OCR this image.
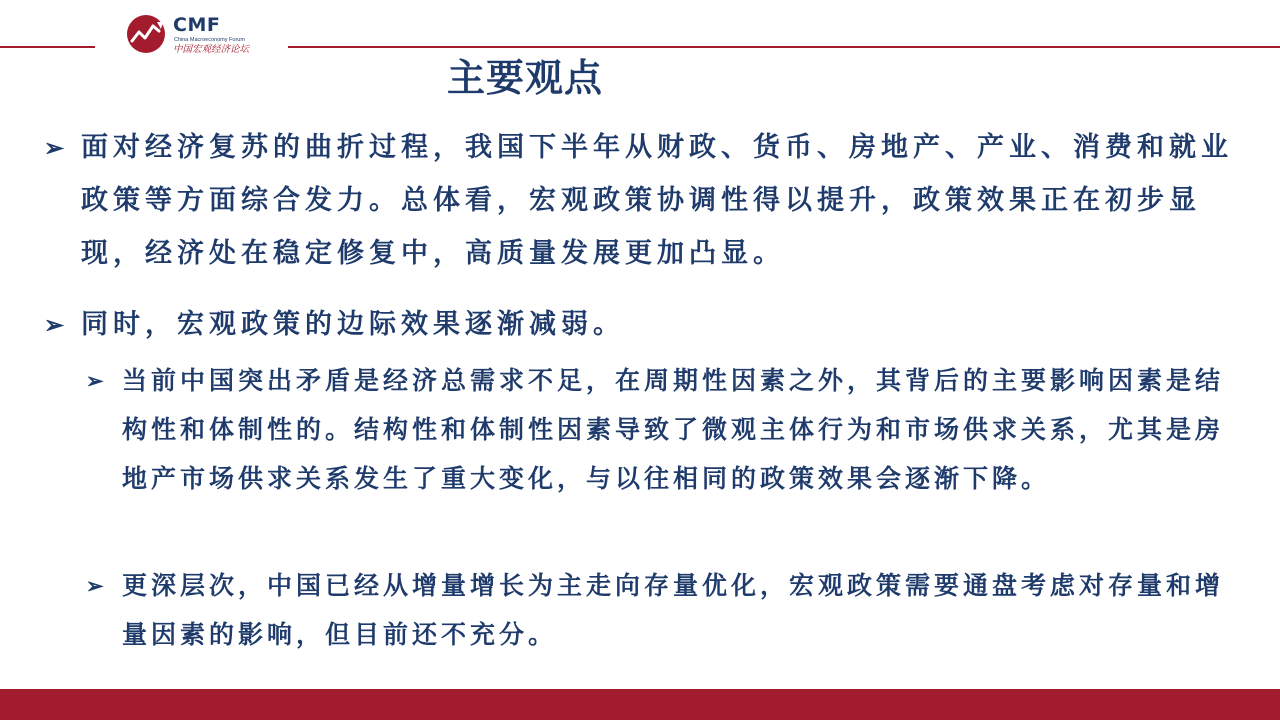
CMF
China Macroeconomy Forum
中国宏观经济论坛
主要观点
➢ 面对经济复苏的曲折过程，我国下半年从财政、货币、房地产、产业、消费和就业政策等方面综合发力。总体看，宏观政策协调性得以提升，政策效果正在初步显现，经济处在稳定修复中，高质量发展更加凸显。
➢ 同时，宏观政策的边际效果逐渐减弱。
➢ 当前中国突出矛盾是经济总需求不足，在周期性因素之外，其背后的主要影响因素是结构性和体制性的。结构性和体制性因素导致了微观主体行为和市场供求关系，尤其是房地产市场供求关系发生了重大变化，与以往相同的政策效果会逐渐下降。
➢ 更深层次，中国已经从增量增长为主走向存量优化，宏观政策需要通盘考虑对存量和增量因素的影响，但目前还不充分。
